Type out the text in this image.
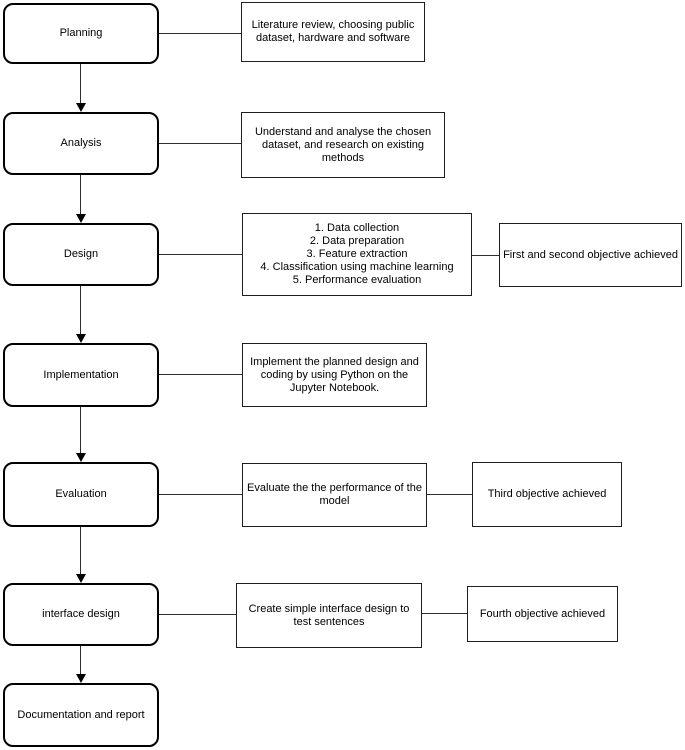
Planning
Analysis
Design
Implementation
Evaluation
interface design
Documentation and report
Literature review, choosing public
dataset, hardware and software
Understand and analyse the chosen
dataset, and research on existing
methods
1. Data collection
2. Data preparation
3. Feature extraction
4. Classification using machine learning
5. Performance evaluation
Implement the planned design and
coding by using Python on the
Jupyter Notebook.
Evaluate the the performance of the
model
Create simple interface design to
test sentences
First and second objective achieved
Third objective achieved
Fourth objective achieved
